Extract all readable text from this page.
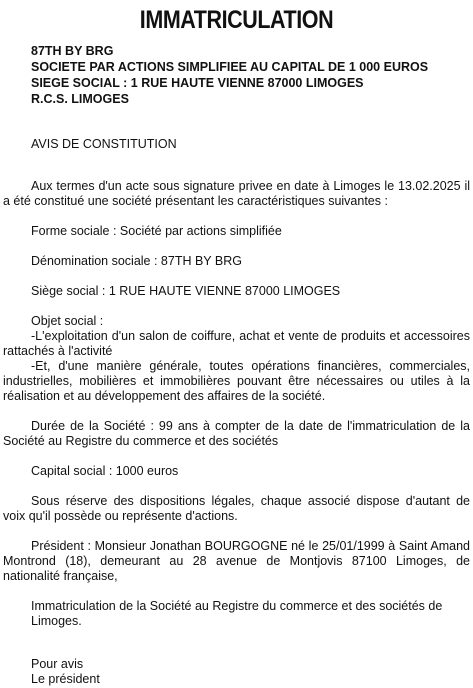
IMMATRICULATION
87TH BY BRG
SOCIETE PAR ACTIONS SIMPLIFIEE AU CAPITAL DE 1 000 EUROS
SIEGE SOCIAL : 1 RUE HAUTE VIENNE 87000 LIMOGES
R.C.S. LIMOGES
AVIS DE CONSTITUTION

Aux termes d'un acte sous signature privee en date à Limoges le 13.02.2025 il a été constitué une société présentant les caractéristiques suivantes :

Forme sociale : Société par actions simplifiée

Dénomination sociale : 87TH BY BRG

Siège social : 1 RUE HAUTE VIENNE 87000 LIMOGES

Objet social :

-L'exploitation d'un salon de coiffure, achat et vente de produits et accessoires rattachés à l'activité

-Et, d'une manière générale, toutes opérations financières, commerciales, industrielles, mobilières et immobilières pouvant être nécessaires ou utiles à la réalisation et au développement des affaires de la société.

Durée de la Société : 99 ans à compter de la date de l'immatriculation de la Société au Registre du commerce et des sociétés

Capital social : 1000 euros

Sous réserve des dispositions légales, chaque associé dispose d'autant de voix qu'il possède ou représente d'actions.

Président : Monsieur Jonathan BOURGOGNE né le 25/01/1999 à Saint Amand Montrond (18), demeurant au 28 avenue de Montjovis 87100 Limoges, de nationalité française,

Immatriculation de la Société au Registre du commerce et des sociétés de Limoges.

Pour avis
Le président
